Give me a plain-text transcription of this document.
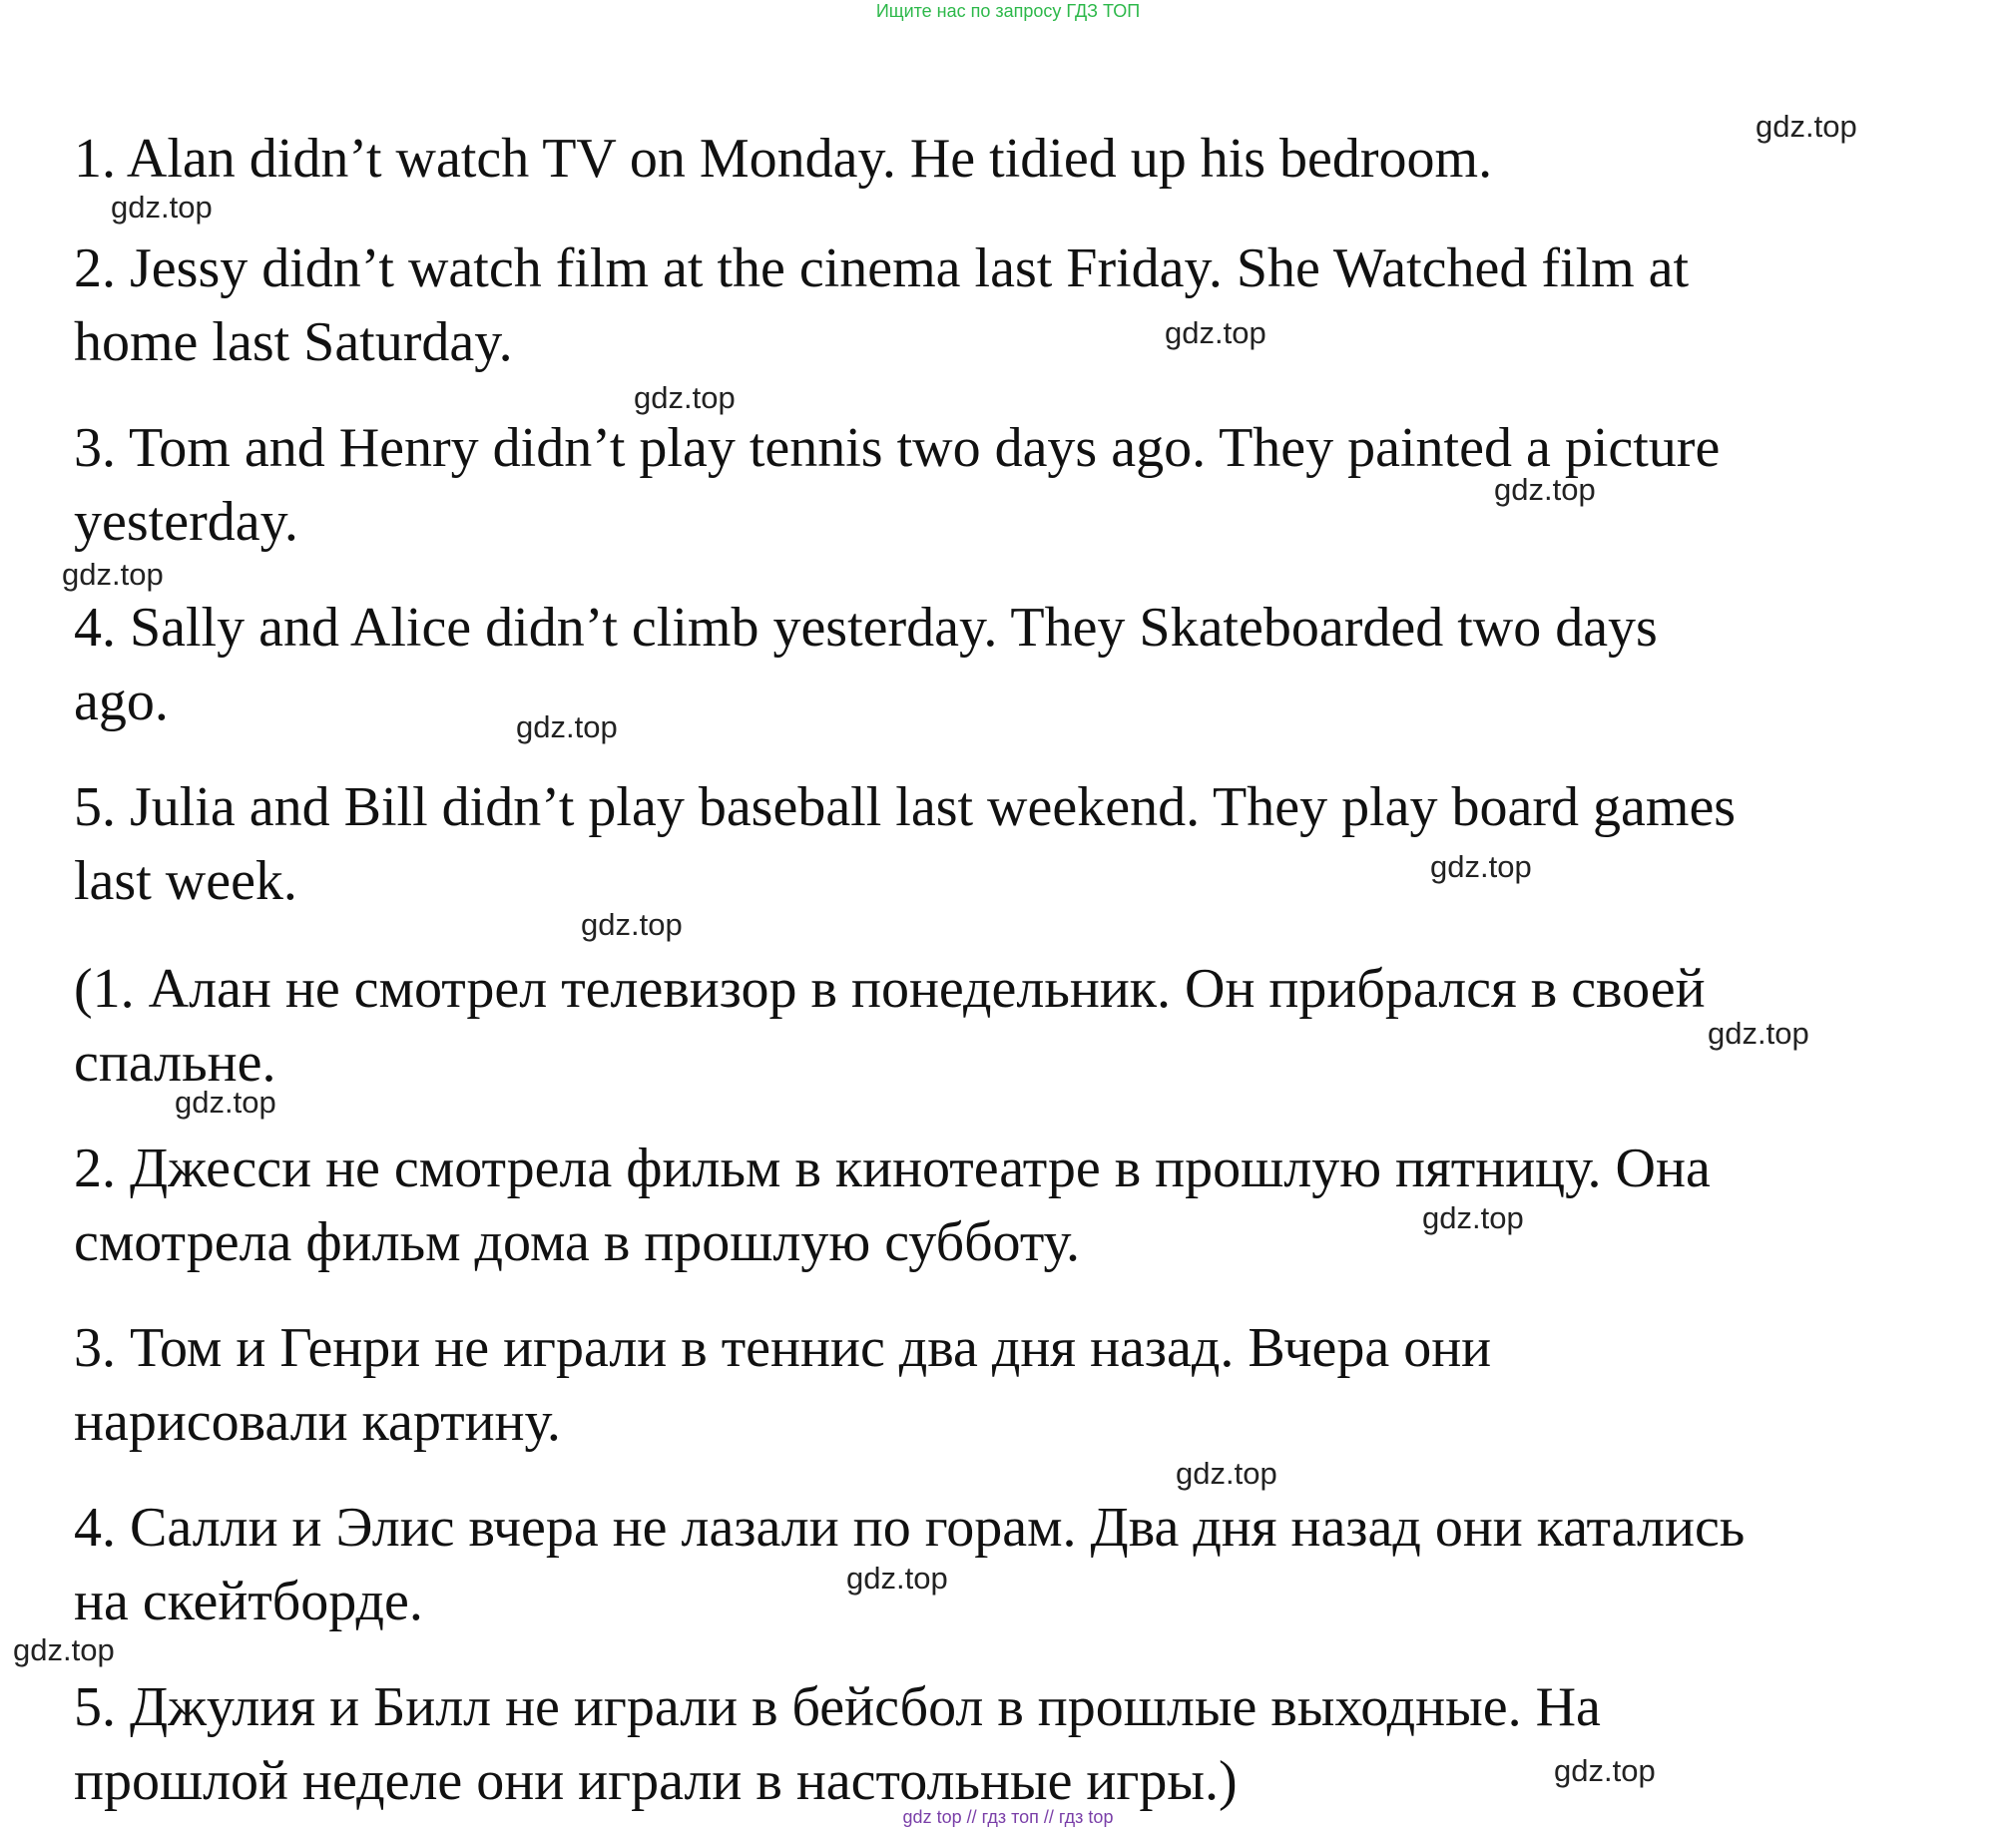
Ищите нас по запросу ГДЗ ТОП
1. Alan didn’t watch TV on Monday. He tidied up his bedroom.
2. Jessy didn’t watch film at the cinema last Friday. She Watched film at
home last Saturday.
3. Tom and Henry didn’t play tennis two days ago. They painted a picture
yesterday.
4. Sally and Alice didn’t climb yesterday. They Skateboarded two days
ago.
5. Julia and Bill didn’t play baseball last weekend. They play board games
last week.
(1. Алан не смотрел телевизор в понедельник. Он прибрался в своей
спальне.
2. Джесси не смотрела фильм в кинотеатре в прошлую пятницу. Она
смотрела фильм дома в прошлую субботу.
3. Том и Генри не играли в теннис два дня назад. Вчера они
нарисовали картину.
4. Салли и Элис вчера не лазали по горам. Два дня назад они катались
на скейтборде.
5. Джулия и Билл не играли в бейсбол в прошлые выходные. На
прошлой неделе они играли в настольные игры.)
gdz.top
gdz.top
gdz.top
gdz.top
gdz.top
gdz.top
gdz.top
gdz.top
gdz.top
gdz.top
gdz.top
gdz.top
gdz.top
gdz.top
gdz.top
gdz.top
gdz top // гдз топ // гдз top
